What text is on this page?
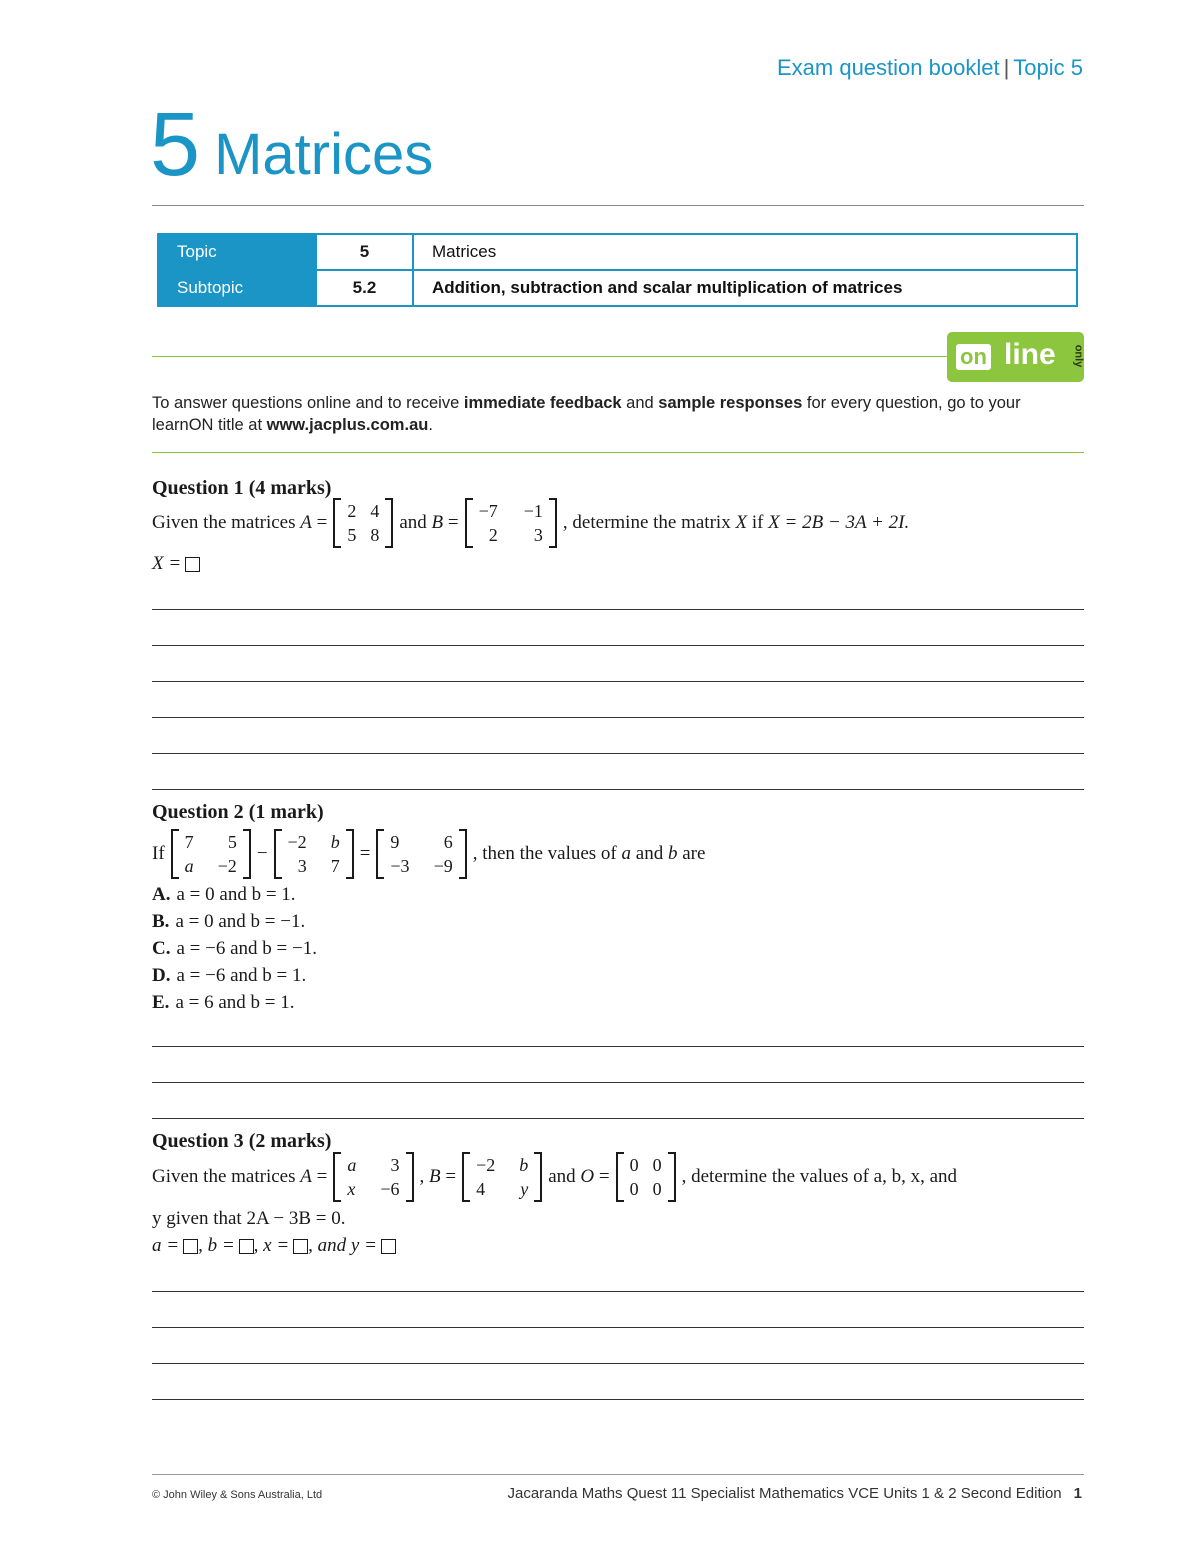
Exam question booklet | Topic 5
5 Matrices
Topic	5	Matrices
Subtopic	5.2	Addition, subtraction and scalar multiplication of matrices
on line only
To answer questions online and to receive immediate feedback and sample responses for every question, go to your learnON title at www.jacplus.com.au.
Question 1 (4 marks)
Given the matrices
A
=
2 4
5 8
and
B
=
−7 −1
2	3
, determine the matrix
X
if
X = 2B − 3A + 2I.
X =
Question 2 (1 mark)
If
7	5
a −2
−
−2 b
3 7
=
9	6
−3 −9
, then the values of
a
and
b
are
A. a = 0 and b = 1.
B. a = 0 and b = −1.
C. a = −6 and b = −1.
D. a = −6 and b = 1.
E. a = 6 and b = 1.
Question 3 (2 marks)
Given the matrices
A
=
a	3
x −6
,
B
=
−2 b
4	y
and
O
=
0 0
0 0
, determine the values of a, b, x, and
y given that 2A − 3B = 0.
a = , b = , x = , and y =
© John Wiley & Sons Australia, Ltd	Jacaranda Maths Quest 11 Specialist Mathematics VCE Units 1 & 2 Second Edition 1
